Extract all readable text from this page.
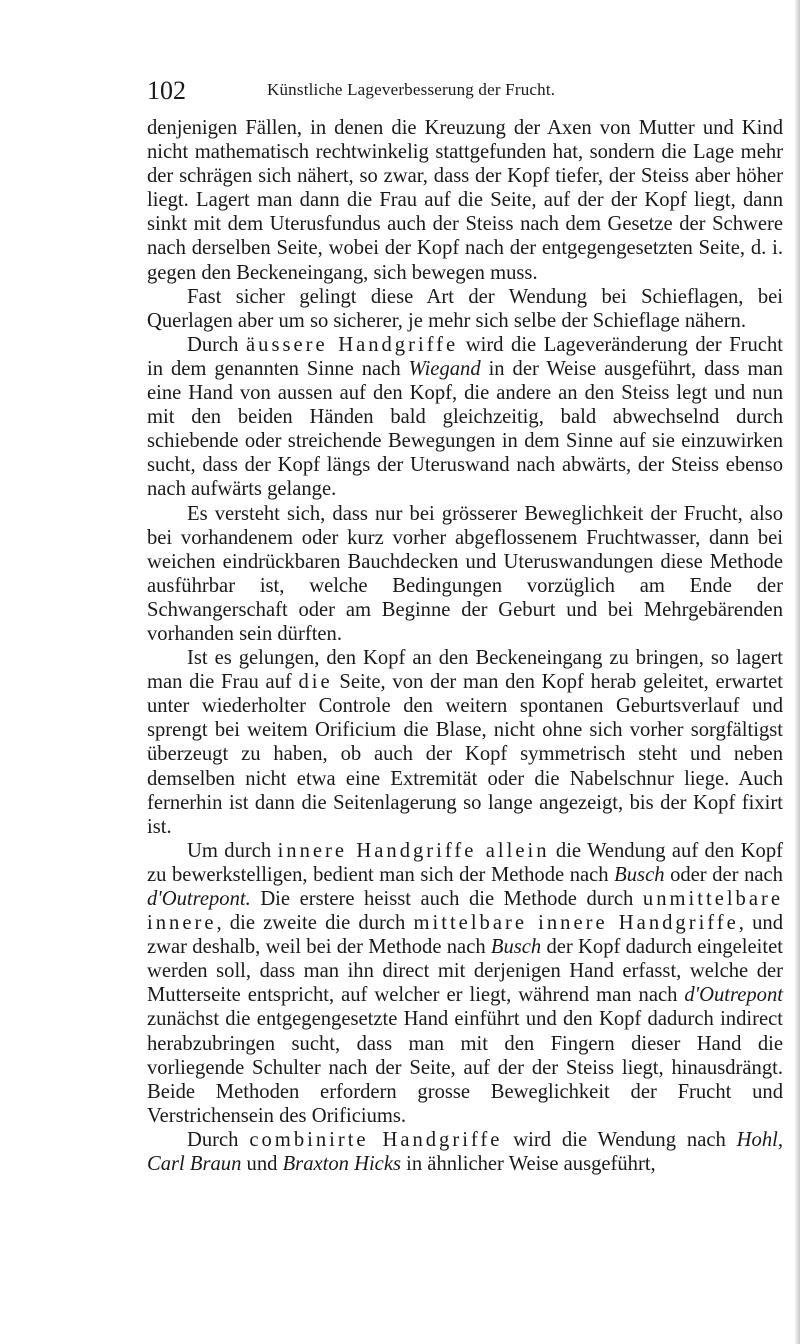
102	Künstliche Lageverbesserung der Frucht.

denjenigen Fällen, in denen die Kreuzung der Axen von Mutter und Kind nicht mathematisch rechtwinkelig stattgefunden hat, sondern die Lage mehr der schrägen sich nähert, so zwar, dass der Kopf tiefer, der Steiss aber höher liegt. Lagert man dann die Frau auf die Seite, auf der der Kopf liegt, dann sinkt mit dem Uterusfundus auch der Steiss nach dem Gesetze der Schwere nach derselben Seite, wobei der Kopf nach der entgegengesetzten Seite, d. i. gegen den Beckeneingang, sich bewegen muss.

Fast sicher gelingt diese Art der Wendung bei Schieflagen, bei Querlagen aber um so sicherer, je mehr sich selbe der Schieflage nähern.

Durch äussere Handgriffe wird die Lageveränderung der Frucht in dem genannten Sinne nach Wiegand in der Weise ausgeführt, dass man eine Hand von aussen auf den Kopf, die andere an den Steiss legt und nun mit den beiden Händen bald gleichzeitig, bald abwechselnd durch schiebende oder streichende Bewegungen in dem Sinne auf sie einzuwirken sucht, dass der Kopf längs der Uteruswand nach abwärts, der Steiss ebenso nach aufwärts gelange.

Es versteht sich, dass nur bei grösserer Beweglichkeit der Frucht, also bei vorhandenem oder kurz vorher abgeflossenem Fruchtwasser, dann bei weichen eindrückbaren Bauchdecken und Uteruswandungen diese Methode ausführbar ist, welche Bedingungen vorzüglich am Ende der Schwangerschaft oder am Beginne der Geburt und bei Mehrgebärenden vorhanden sein dürften.

Ist es gelungen, den Kopf an den Beckeneingang zu bringen, so lagert man die Frau auf die Seite, von der man den Kopf herab geleitet, erwartet unter wiederholter Controle den weitern spontanen Geburtsverlauf und sprengt bei weitem Orificium die Blase, nicht ohne sich vorher sorgfältigst überzeugt zu haben, ob auch der Kopf symmetrisch steht und neben demselben nicht etwa eine Extremität oder die Nabelschnur liege. Auch fernerhin ist dann die Seitenlagerung so lange angezeigt, bis der Kopf fixirt ist.

Um durch innere Handgriffe allein die Wendung auf den Kopf zu bewerkstelligen, bedient man sich der Methode nach Busch oder der nach d'Outrepont. Die erstere heisst auch die Methode durch unmittelbare innere, die zweite die durch mittelbare innere Handgriffe, und zwar deshalb, weil bei der Methode nach Busch der Kopf dadurch eingeleitet werden soll, dass man ihn direct mit derjenigen Hand erfasst, welche der Mutterseite entspricht, auf welcher er liegt, während man nach d'Outrepont zunächst die entgegengesetzte Hand einführt und den Kopf dadurch indirect herabzubringen sucht, dass man mit den Fingern dieser Hand die vorliegende Schulter nach der Seite, auf der der Steiss liegt, hinausdrängt. Beide Methoden erfordern grosse Beweglichkeit der Frucht und Verstrichensein des Orificiums.

Durch combinirte Handgriffe wird die Wendung nach Hohl, Carl Braun und Braxton Hicks in ähnlicher Weise ausgeführt,
